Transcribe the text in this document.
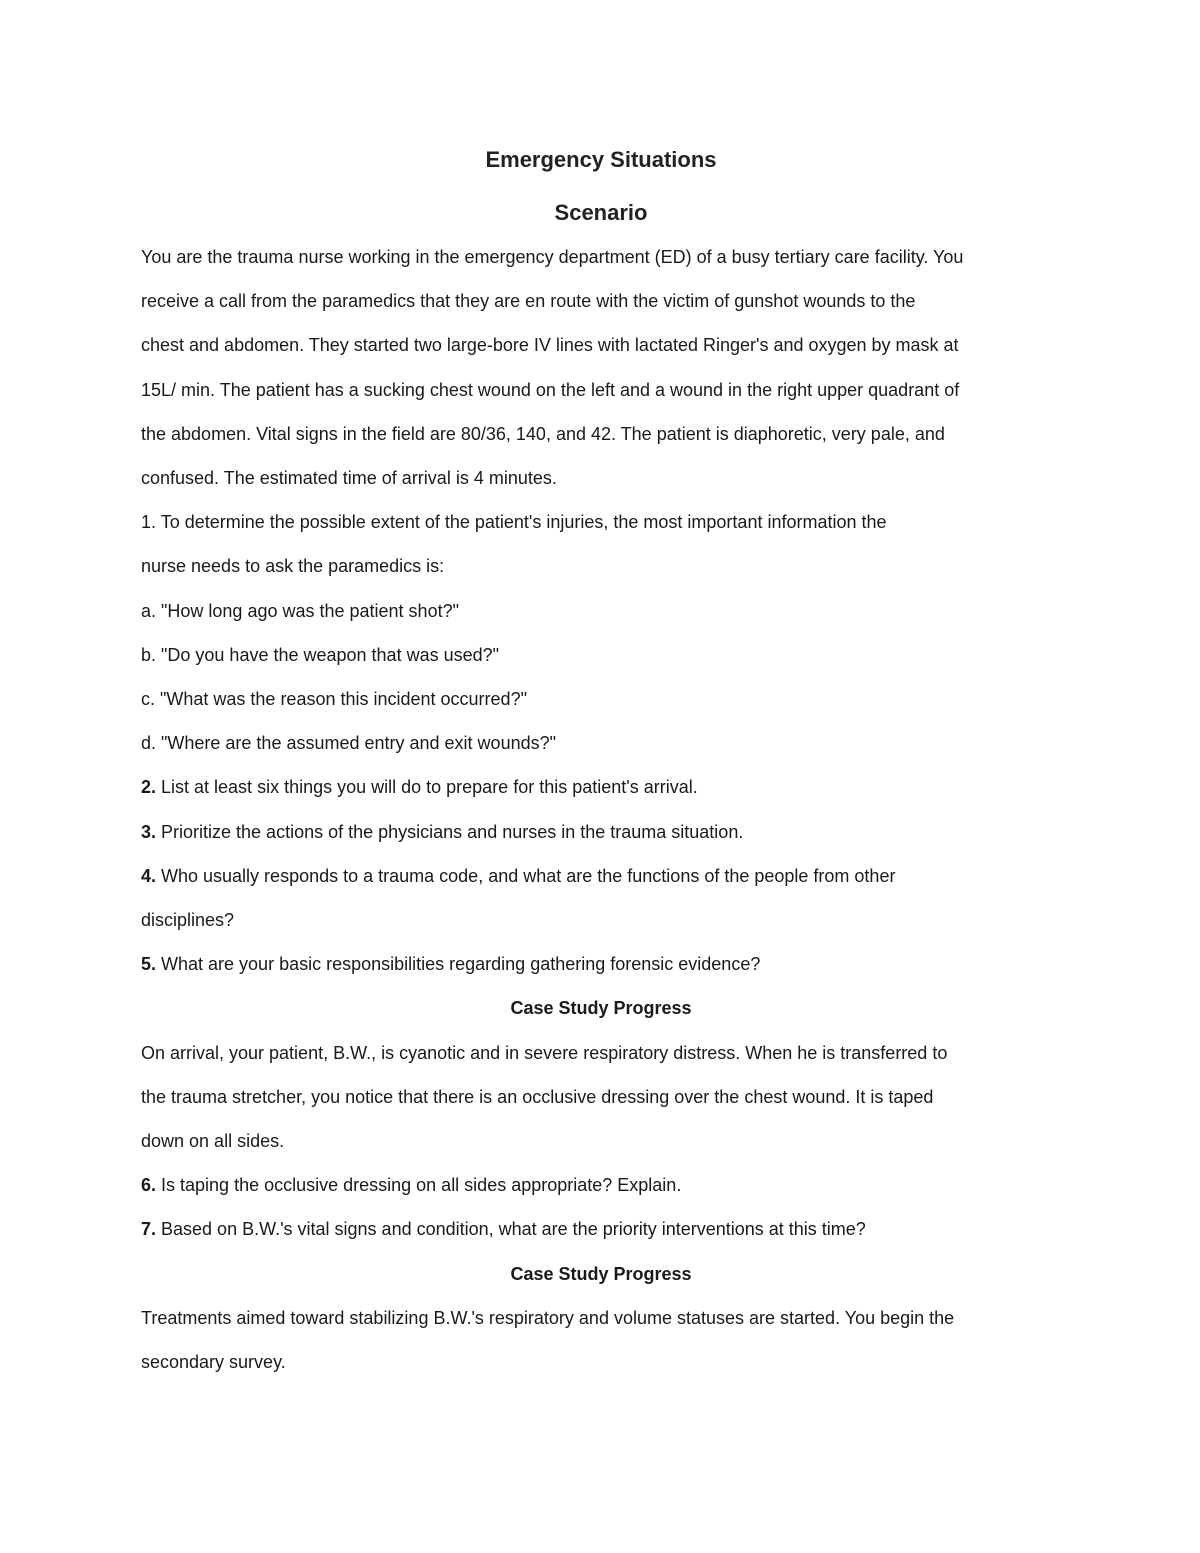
Emergency Situations

Scenario

You are the trauma nurse working in the emergency department (ED) of a busy tertiary care facility. You

receive a call from the paramedics that they are en route with the victim of gunshot wounds to the

chest and abdomen. They started two large-bore IV lines with lactated Ringer's and oxygen by mask at

15L/ min. The patient has a sucking chest wound on the left and a wound in the right upper quadrant of

the abdomen. Vital signs in the field are 80/36, 140, and 42. The patient is diaphoretic, very pale, and

confused. The estimated time of arrival is 4 minutes.

1. To determine the possible extent of the patient's injuries, the most important information the

nurse needs to ask the paramedics is:

a. "How long ago was the patient shot?"

b. "Do you have the weapon that was used?"

c. "What was the reason this incident occurred?"

d. "Where are the assumed entry and exit wounds?"

2. List at least six things you will do to prepare for this patient's arrival.

3. Prioritize the actions of the physicians and nurses in the trauma situation.

4. Who usually responds to a trauma code, and what are the functions of the people from other

disciplines?

5. What are your basic responsibilities regarding gathering forensic evidence?

Case Study Progress

On arrival, your patient, B.W., is cyanotic and in severe respiratory distress. When he is transferred to

the trauma stretcher, you notice that there is an occlusive dressing over the chest wound. It is taped

down on all sides.

6. Is taping the occlusive dressing on all sides appropriate? Explain.

7. Based on B.W.'s vital signs and condition, what are the priority interventions at this time?

Case Study Progress

Treatments aimed toward stabilizing B.W.'s respiratory and volume statuses are started. You begin the

secondary survey.
